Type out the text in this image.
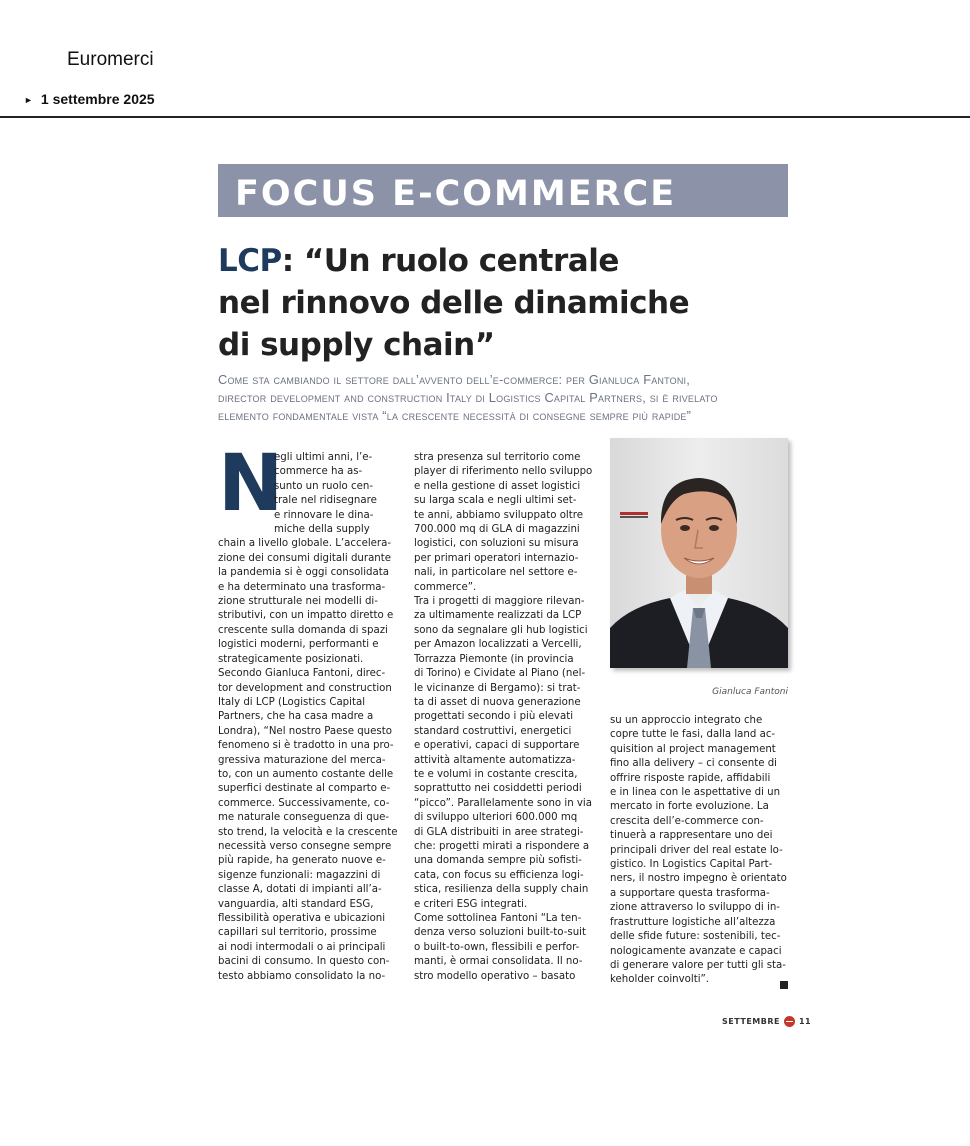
Euromerci
► 1 settembre 2025
FOCUS E-COMMERCE
LCP: “Un ruolo centrale
nel rinnovo delle dinamiche
di supply chain”
Come sta cambiando il settore dall’avvento dell’e-commerce: per Gianluca Fantoni,
director development and construction Italy di Logistics Capital Partners, si è rivelato
elemento fondamentale vista “la crescente necessità di consegne sempre più rapide”
N
egli ultimi anni, l’e-
commerce ha as-
sunto un ruolo cen-
trale nel ridisegnare
e rinnovare le dina-
miche della supply
chain a livello globale. L’accelera-
zione dei consumi digitali durante
la pandemia si è oggi consolidata
e ha determinato una trasforma-
zione strutturale nei modelli di-
stributivi, con un impatto diretto e
crescente sulla domanda di spazi
logistici moderni, performanti e
strategicamente posizionati.
Secondo Gianluca Fantoni, direc-
tor development and construction
Italy di LCP (Logistics Capital
Partners, che ha casa madre a
Londra), “Nel nostro Paese questo
fenomeno si è tradotto in una pro-
gressiva maturazione del merca-
to, con un aumento costante delle
superfici destinate al comparto e-
commerce. Successivamente, co-
me naturale conseguenza di que-
sto trend, la velocità e la crescente
necessità verso consegne sempre
più rapide, ha generato nuove e-
sigenze funzionali: magazzini di
classe A, dotati di impianti all’a-
vanguardia, alti standard ESG,
flessibilità operativa e ubicazioni
capillari sul territorio, prossime
ai nodi intermodali o ai principali
bacini di consumo. In questo con-
testo abbiamo consolidato la no-
stra presenza sul territorio come
player di riferimento nello sviluppo
e nella gestione di asset logistici
su larga scala e negli ultimi set-
te anni, abbiamo sviluppato oltre
700.000 mq di GLA di magazzini
logistici, con soluzioni su misura
per primari operatori internazio-
nali, in particolare nel settore e-
commerce”.
Tra i progetti di maggiore rilevan-
za ultimamente realizzati da LCP
sono da segnalare gli hub logistici
per Amazon localizzati a Vercelli,
Torrazza Piemonte (in provincia
di Torino) e Cividate al Piano (nel-
le vicinanze di Bergamo): si trat-
ta di asset di nuova generazione
progettati secondo i più elevati
standard costruttivi, energetici
e operativi, capaci di supportare
attività altamente automatizza-
te e volumi in costante crescita,
soprattutto nei cosiddetti periodi
“picco”. Parallelamente sono in via
di sviluppo ulteriori 600.000 mq
di GLA distribuiti in aree strategi-
che: progetti mirati a rispondere a
una domanda sempre più sofisti-
cata, con focus su efficienza logi-
stica, resilienza della supply chain
e criteri ESG integrati.
Come sottolinea Fantoni “La ten-
denza verso soluzioni built-to-suit
o built-to-own, flessibili e perfor-
manti, è ormai consolidata. Il no-
stro modello operativo – basato
Gianluca Fantoni
su un approccio integrato che
copre tutte le fasi, dalla land ac-
quisition al project management
fino alla delivery – ci consente di
offrire risposte rapide, affidabili
e in linea con le aspettative di un
mercato in forte evoluzione. La
crescita dell’e-commerce con-
tinuerà a rappresentare uno dei
principali driver del real estate lo-
gistico. In Logistics Capital Part-
ners, il nostro impegno è orientato
a supportare questa trasforma-
zione attraverso lo sviluppo di in-
frastrutture logistiche all’altezza
delle sfide future: sostenibili, tec-
nologicamente avanzate e capaci
di generare valore per tutti gli sta-
keholder coinvolti”.
SETTEMBRE 11
